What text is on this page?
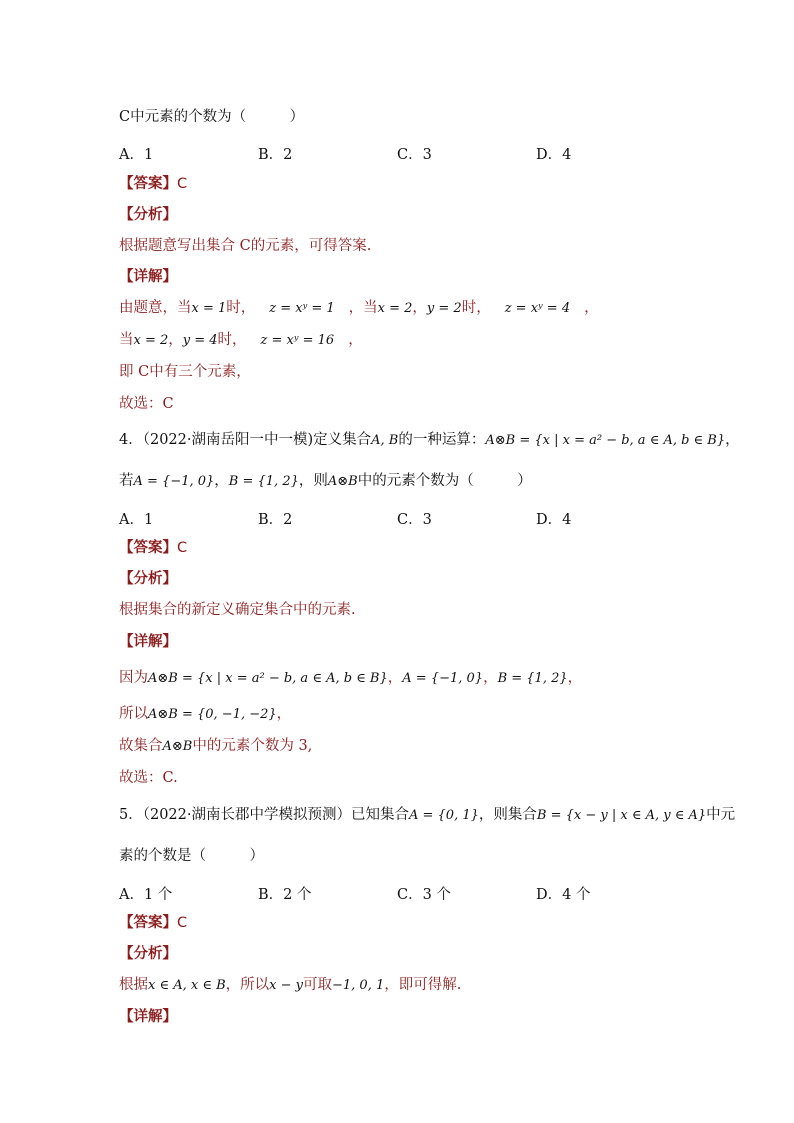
C中元素的个数为（　　　）
A．1	B．2	C．3	D．4
【答案】C
【分析】
根据题意写出集合 C的元素，可得答案.
【详解】
由题意，当x = 1时， z = xʸ = 1 ，当x = 2，y = 2时， z = xʸ = 4 ，
当x = 2，y = 4时， z = xʸ = 16 ，
即 C中有三个元素，
故选：C
4．（2022·湖南岳阳一中一模)定义集合A, B的一种运算：A⊗B = {x | x = a² − b, a ∈ A, b ∈ B}，
若A = {−1, 0}，B = {1, 2}，则A⊗B中的元素个数为（　　　）
A．1	B．2	C．3	D．4
【答案】C
【分析】
根据集合的新定义确定集合中的元素.
【详解】
因为A⊗B = {x | x = a² − b, a ∈ A, b ∈ B}，A = {−1, 0}，B = {1, 2}，
所以A⊗B = {0, −1, −2}，
故集合A⊗B中的元素个数为 3,
故选：C.
5．（2022·湖南长郡中学模拟预测）已知集合A = {0, 1}，则集合B = {x − y | x ∈ A, y ∈ A}中元
素的个数是（　　　）
A．1 个	B．2 个	C．3 个	D．4 个
【答案】C
【分析】
根据x ∈ A, x ∈ B，所以x − y可取−1, 0, 1，即可得解.
【详解】
